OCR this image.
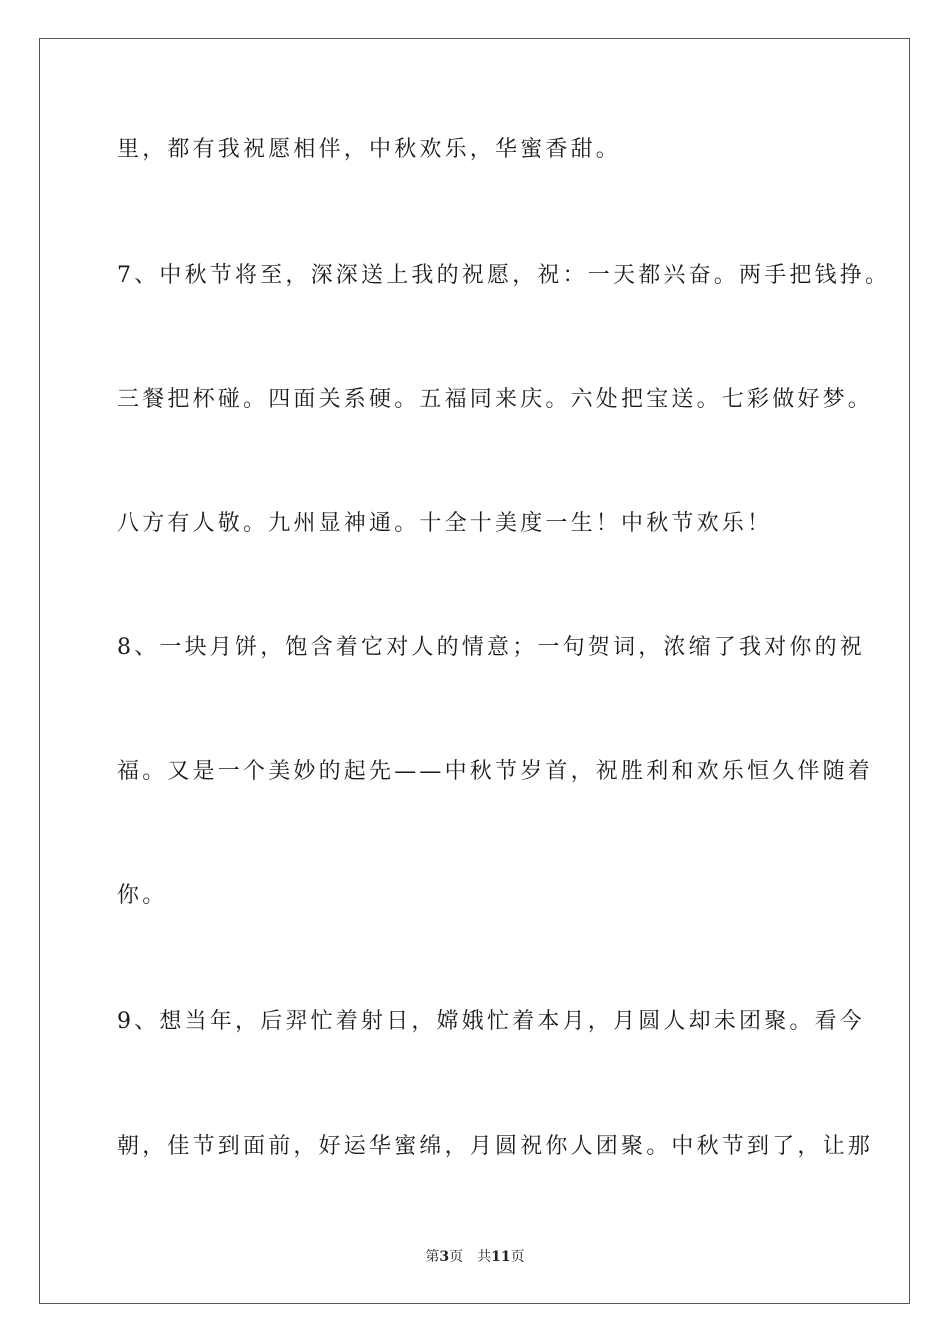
里，都有我祝愿相伴，中秋欢乐，华蜜香甜。
7、中秋节将至，深深送上我的祝愿，祝：一天都兴奋。两手把钱挣。
三餐把杯碰。四面关系硬。五福同来庆。六处把宝送。七彩做好梦。
八方有人敬。九州显神通。十全十美度一生！中秋节欢乐！
8、一块月饼，饱含着它对人的情意；一句贺词，浓缩了我对你的祝
福。又是一个美妙的起先——中秋节岁首，祝胜利和欢乐恒久伴随着
你。
9、想当年，后羿忙着射日，嫦娥忙着本月，月圆人却未团聚。看今
朝，佳节到面前，好运华蜜绵，月圆祝你人团聚。中秋节到了，让那
第3页 共11页
